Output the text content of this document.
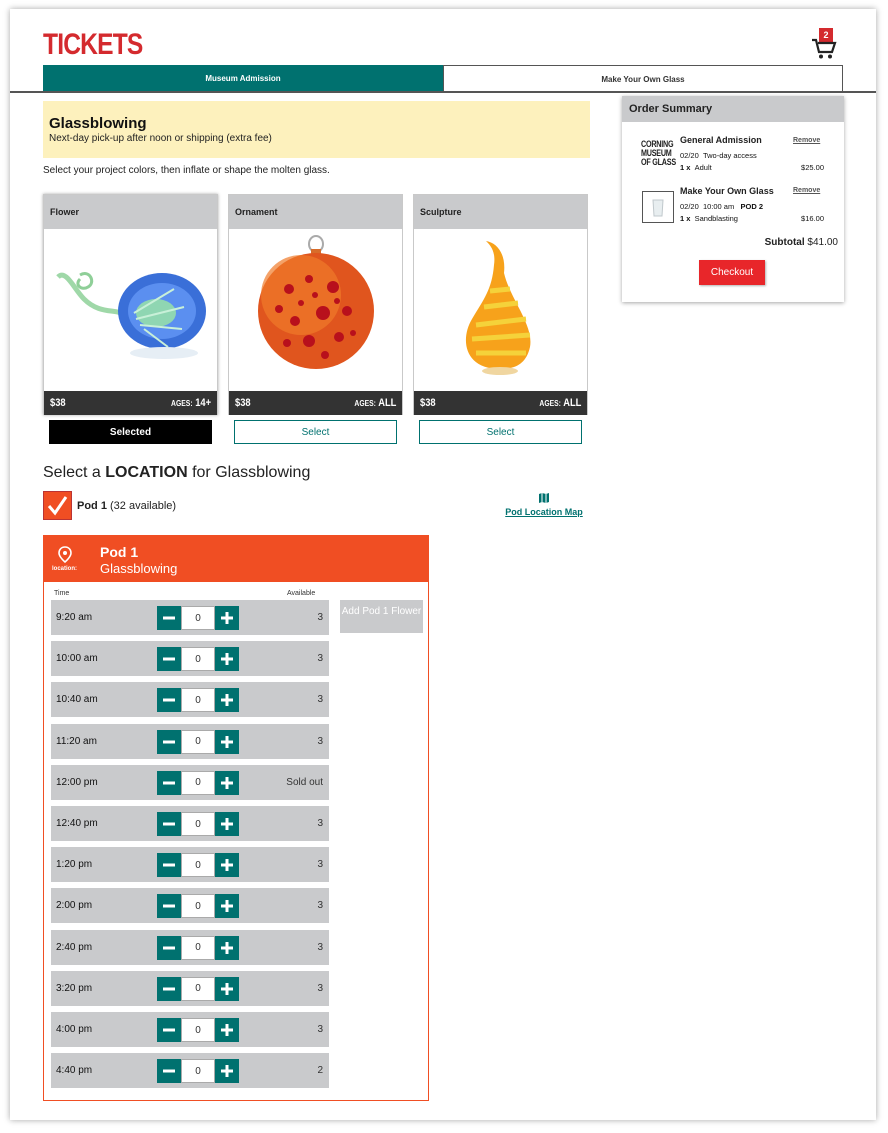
TICKETS	2
Museum Admission	Make Your Own Glass
Glassblowing
Next-day pick-up after noon or shipping (extra fee)
Select your project colors, then inflate or shape the molten glass.
Flower
$38	AGES: 14+
Ornament
$38	AGES: ALL
Sculpture
$38	AGES: ALL
Selected	Select	Select
Select a LOCATION for Glassblowing
Pod 1 (32 available)	Pod Location Map
location:
Pod 1
Glassblowing
Time	Available
9:20 am	0	3
10:00 am	0	3
10:40 am	0	3
11:20 am	0	3
12:00 pm	0	Sold out
12:40 pm	0	3
1:20 pm	0	3
2:00 pm	0	3
2:40 pm	0	3
3:20 pm	0	3
4:00 pm	0	3
4:40 pm	0	2
Add Pod 1 Flower
Order Summary
CORNING
MUSEUM
OF GLASS
General Admission	Remove
02/20 Two-day access
1 x Adult	$25.00
Make Your Own Glass	Remove
02/20 10:00 am POD 2
1 x Sandblasting	$16.00
Subtotal $41.00
Checkout
